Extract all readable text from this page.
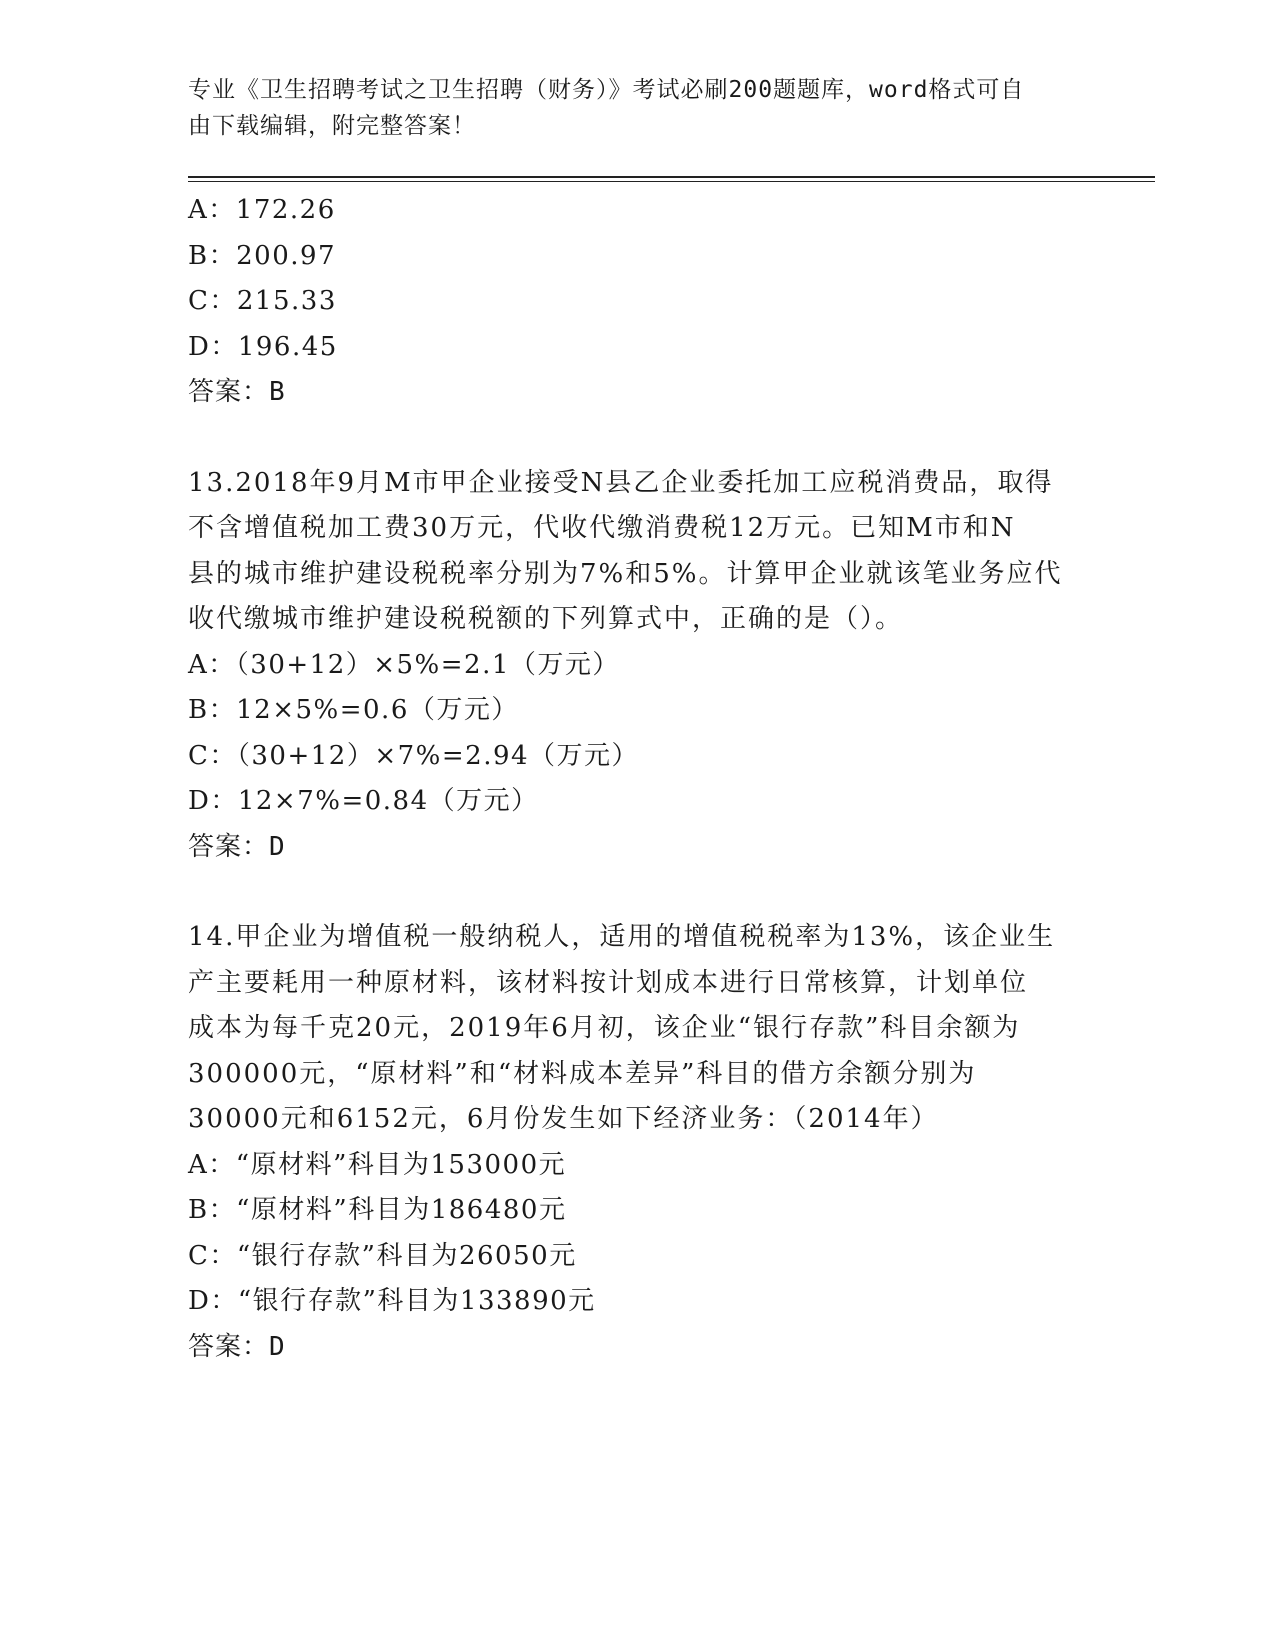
专业《卫生招聘考试之卫生招聘（财务）》考试必刷200题题库，word格式可自
由下载编辑，附完整答案！
A：172.26
B：200.97
C：215.33
D：196.45
答案：B
13.2018年9月M市甲企业接受N县乙企业委托加工应税消费品，取得
不含增值税加工费30万元，代收代缴消费税12万元。已知M市和N
县的城市维护建设税税率分别为7%和5%。计算甲企业就该笔业务应代
收代缴城市维护建设税税额的下列算式中，正确的是（）。
A：（30+12）×5%=2.1（万元）
B：12×5%=0.6（万元）
C：（30+12）×7%=2.94（万元）
D：12×7%=0.84（万元）
答案：D
14.甲企业为增值税一般纳税人，适用的增值税税率为13%，该企业生
产主要耗用一种原材料，该材料按计划成本进行日常核算，计划单位
成本为每千克20元，2019年6月初，该企业“银行存款”科目余额为
300000元，“原材料”和“材料成本差异”科目的借方余额分别为
30000元和6152元，6月份发生如下经济业务：（2014年）
A：“原材料”科目为153000元
B：“原材料”科目为186480元
C：“银行存款”科目为26050元
D：“银行存款”科目为133890元
答案：D
